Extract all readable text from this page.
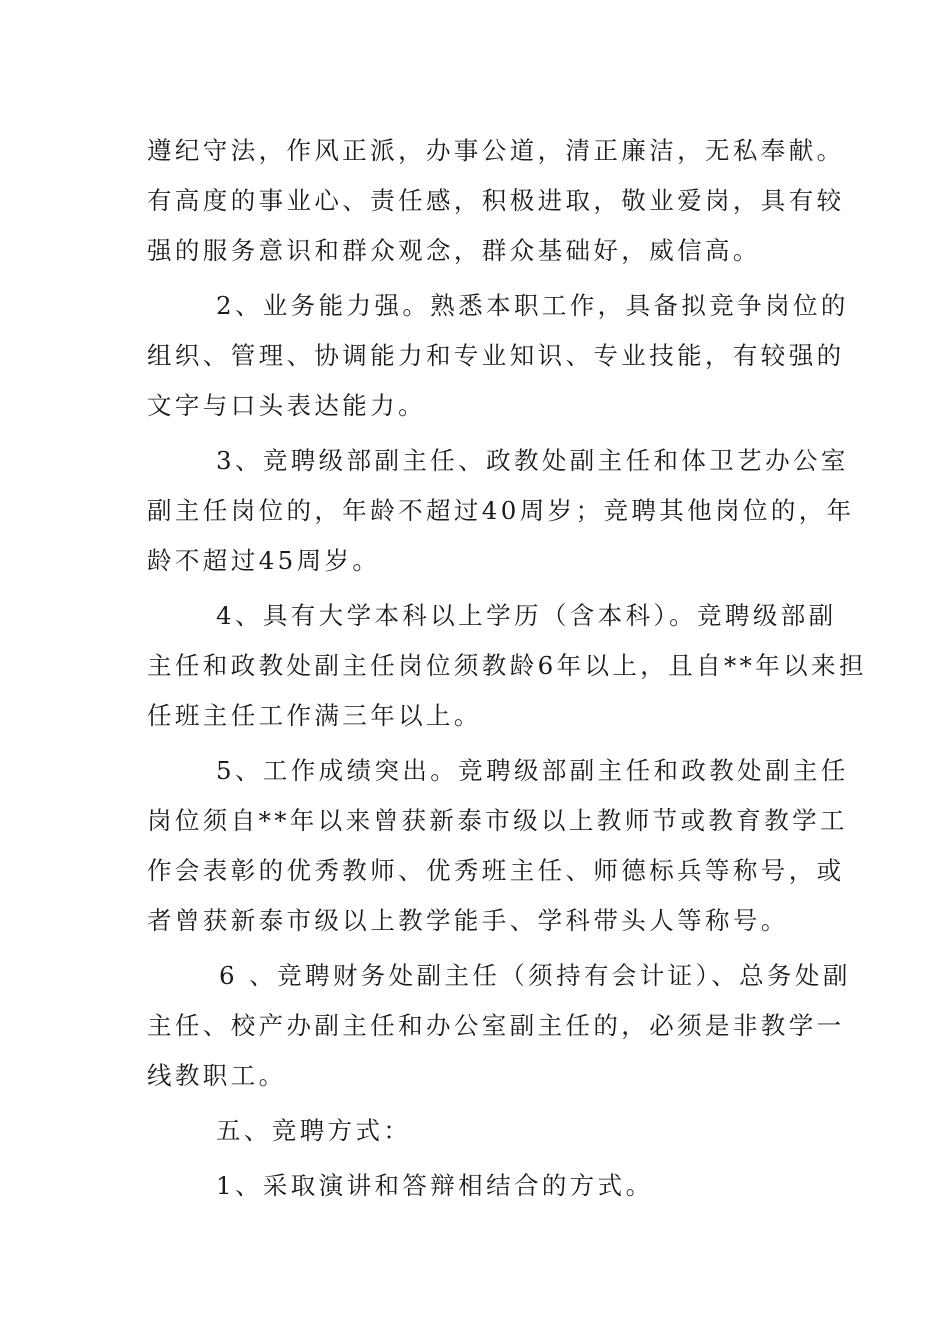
遵纪守法，作风正派，办事公道，清正廉洁，无私奉献。
有高度的事业心、责任感，积极进取，敬业爱岗，具有较
强的服务意识和群众观念，群众基础好，威信高。
2、业务能力强。熟悉本职工作，具备拟竞争岗位的
组织、管理、协调能力和专业知识、专业技能，有较强的
文字与口头表达能力。
3、竞聘级部副主任、政教处副主任和体卫艺办公室
副主任岗位的，年龄不超过40周岁；竞聘其他岗位的，年
龄不超过45周岁。
4、具有大学本科以上学历（含本科）。竞聘级部副
主任和政教处副主任岗位须教龄6年以上，且自**年以来担
任班主任工作满三年以上。
5、工作成绩突出。竞聘级部副主任和政教处副主任
岗位须自**年以来曾获新泰市级以上教师节或教育教学工
作会表彰的优秀教师、优秀班主任、师德标兵等称号，或
者曾获新泰市级以上教学能手、学科带头人等称号。
6 、竞聘财务处副主任（须持有会计证）、总务处副
主任、校产办副主任和办公室副主任的，必须是非教学一
线教职工。
五、竞聘方式：
1、采取演讲和答辩相结合的方式。
